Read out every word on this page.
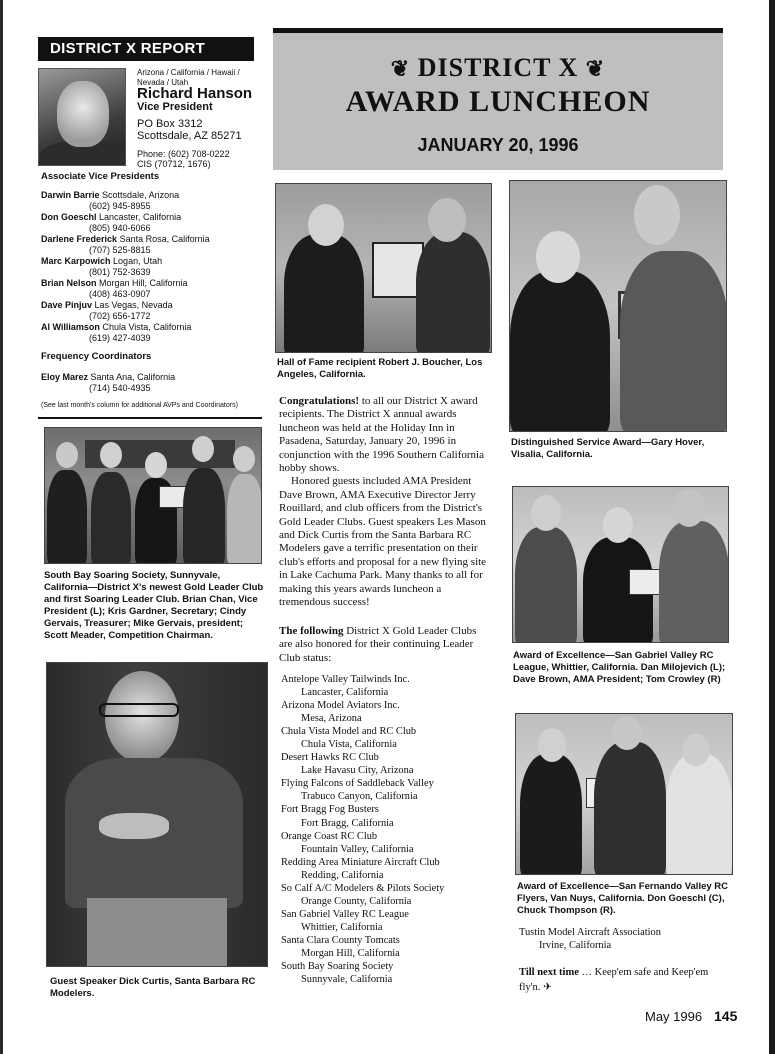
DISTRICT X REPORT
Arizona / California / Hawaii / Nevada / Utah
Richard Hanson
Vice President
PO Box 3312
Scottsdale, AZ 85271
Phone: (602) 708-0222
CIS (70712, 1676)
Associate Vice Presidents
Darwin Barrie Scottsdale, Arizona
(602) 945-8955
Don Goeschl Lancaster, California
(805) 940-6066
Darlene Frederick Santa Rosa, California
(707) 525-8815
Marc Karpowich Logan, Utah
(801) 752-3639
Brian Nelson Morgan Hill, California
(408) 463-0907
Dave Pinjuv Las Vegas, Nevada
(702) 656-1772
Al Williamson Chula Vista, California
(619) 427-4039
Frequency Coordinators
Eloy Marez Santa Ana, California
(714) 540-4935
(See last month's column for additional AVPs and Coordinators)
South Bay Soaring Society, Sunnyvale, California—District X's newest Gold Leader Club and first Soaring Leader Club. Brian Chan, Vice President (L); Kris Gardner, Secretary; Cindy Gervais, Treasurer; Mike Gervais, president; Scott Meader, Competition Chairman.
Guest Speaker Dick Curtis, Santa Barbara RC Modelers.
❦ DISTRICT X ❦
AWARD LUNCHEON
JANUARY 20, 1996
Hall of Fame recipient Robert J. Boucher, Los Angeles, California.

Congratulations! to all our District X award recipients. The District X annual awards luncheon was held at the Holiday Inn in Pasadena, Saturday, January 20, 1996 in conjunction with the 1996 Southern California hobby shows.

Honored guests included AMA President Dave Brown, AMA Executive Director Jerry Rouillard, and club officers from the District's Gold Leader Clubs. Guest speakers Les Mason and Dick Curtis from the Santa Barbara RC Modelers gave a terrific presentation on their club's efforts and proposal for a new flying site in Lake Cachuma Park. Many thanks to all for making this years awards luncheon a tremendous success!

The following District X Gold Leader Clubs are also honored for their continuing Leader Club status:

Antelope Valley Tailwinds Inc.
Lancaster, California
Arizona Model Aviators Inc.
Mesa, Arizona
Chula Vista Model and RC Club
Chula Vista, California
Desert Hawks RC Club
Lake Havasu City, Arizona
Flying Falcons of Saddleback Valley
Trabuco Canyon, California
Fort Bragg Fog Busters
Fort Bragg, California
Orange Coast RC Club
Fountain Valley, California
Redding Area Miniature Aircraft Club
Redding, California
So Calf A/C Modelers & Pilots Society
Orange County, California
San Gabriel Valley RC League
Whittier, California
Santa Clara County Tomcats
Morgan Hill, California
South Bay Soaring Society
Sunnyvale, California
Distinguished Service Award—Gary Hover, Visalia, California.
Award of Excellence—San Gabriel Valley RC League, Whittier, California. Dan Milojevich (L); Dave Brown, AMA President; Tom Crowley (R)
Award of Excellence—San Fernando Valley RC Flyers, Van Nuys, California. Don Goeschl (C), Chuck Thompson (R).
Tustin Model Aircraft Association
Irvine, California
Till next time … Keep'em safe and Keep'em fly'n. ✈
May 1996 145
